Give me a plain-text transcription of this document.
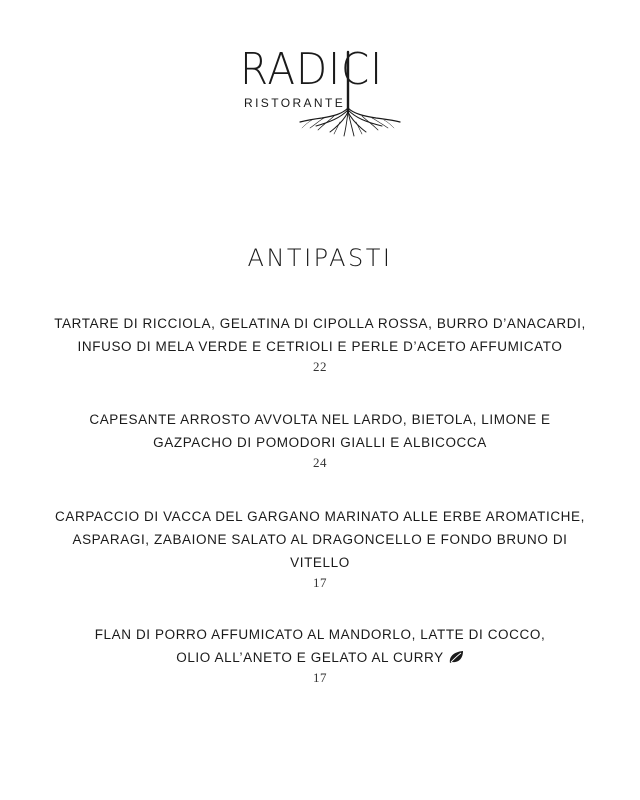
RADICI
RISTORANTE
ANTIPASTI
TARTARE DI RICCIOLA, GELATINA DI CIPOLLA ROSSA, BURRO D’ANACARDI,
INFUSO DI MELA VERDE E CETRIOLI E PERLE D’ACETO AFFUMICATO
22
CAPESANTE ARROSTO AVVOLTA NEL LARDO, BIETOLA, LIMONE E
GAZPACHO DI POMODORI GIALLI E ALBICOCCA
24
CARPACCIO DI VACCA DEL GARGANO MARINATO ALLE ERBE AROMATICHE,
ASPARAGI, ZABAIONE SALATO AL DRAGONCELLO E FONDO BRUNO DI
VITELLO
17
FLAN DI PORRO AFFUMICATO AL MANDORLO, LATTE DI COCCO,
OLIO ALL’ANETO E GELATO AL CURRY
17
